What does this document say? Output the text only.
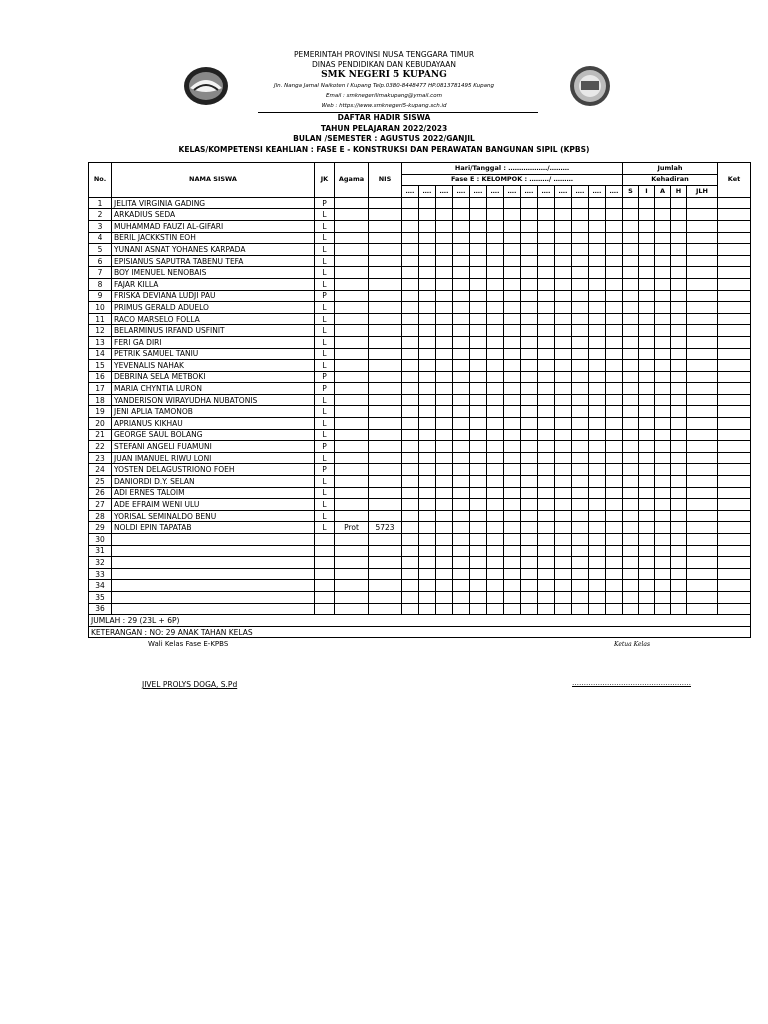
PEMERINTAH PROVINSI NUSA TENGGARA TIMUR
DINAS PENDIDIKAN DAN KEBUDAYAAN
SMK NEGERI 5 KUPANG
Jln. Nanga Jamal Naikoten I Kupang Telp.0380-8448477 HP.0813781495 Kupang
Email : smknegerilimakupang@ymail.com
Web : https://www.smknegeri5-kupang.sch.id
DAFTAR HADIR SISWA
TAHUN PELAJARAN 2022/2023
BULAN /SEMESTER : AGUSTUS 2022/GANJIL
KELAS/KOMPETENSI KEAHLIAN : FASE E - KONSTRUKSI DAN PERAWATAN BANGUNAN SIPIL (KPBS)
No.	NAMA SISWA	JK	Agama	NIS	Hari/Tanggal : ………………/………													Jumlah					Ket
					Fase E : KELOMPOK : ………/ ………													Kehadiran					
					….	….	….	….	….	….	….	….	….	….	….	….	….	S	I	A	H	JLH	
1	JELITA VIRGINIA GADING	P																					
2	ARKADIUS SEDA	L																					
3	MUHAMMAD FAUZI AL-GIFARI	L																					
4	BERIL JACKKSTIN EOH	L																					
5	YUNANI ASNAT YOHANES KARPADA	L																					
6	EPISIANUS SAPUTRA TABENU TEFA	L																					
7	BOY IMENUEL NENOBAIS	L																					
8	FAJAR KILLA	L																					
9	FRISKA DEVIANA LUDJI PAU	P																					
10	PRIMUS GERALD ADUELO	L																					
11	RACO MARSELO FOLLA	L																					
12	BELARMINUS IRFAND USFINIT	L																					
13	FERI GA DIRI	L																					
14	PETRIK SAMUEL TANIU	L																					
15	YEVENALIS NAHAK	L																					
16	DEBRINA SELA METBOKI	P																					
17	MARIA CHYNTIA LURON	P																					
18	YANDERISON WIRAYUDHA NUBATONIS	L																					
19	JENI APLIA TAMONOB	L																					
20	APRIANUS KIKHAU	L																					
21	GEORGE SAUL BOLANG	L																					
22	STEFANI ANGELI FUAMUNI	P																					
23	JUAN IMANUEL RIWU LONI	L																					
24	YOSTEN DELAGUSTRIONO FOEH	P																					
25	DANIORDI D.Y. SELAN	L																					
26	ADI ERNES TALOIM	L																					
27	ADE EFRAIM WENI ULU	L																					
28	YORISAL SEMINALDO BENU	L																					
29	NOLDI EPIN TAPATAB	L	Prot	5723																			
30																							
31																							
32																							
33																							
34																							
35																							
36																							
JUMLAH : 29 (23L + 6P)																							
KETERANGAN : NO: 29 ANAK TAHAN KELAS																							
Wali Kelas Fase E-KPBS	Ketua Kelas
JIVEL PROLYS DOGA, S.Pd	……………………………………………
